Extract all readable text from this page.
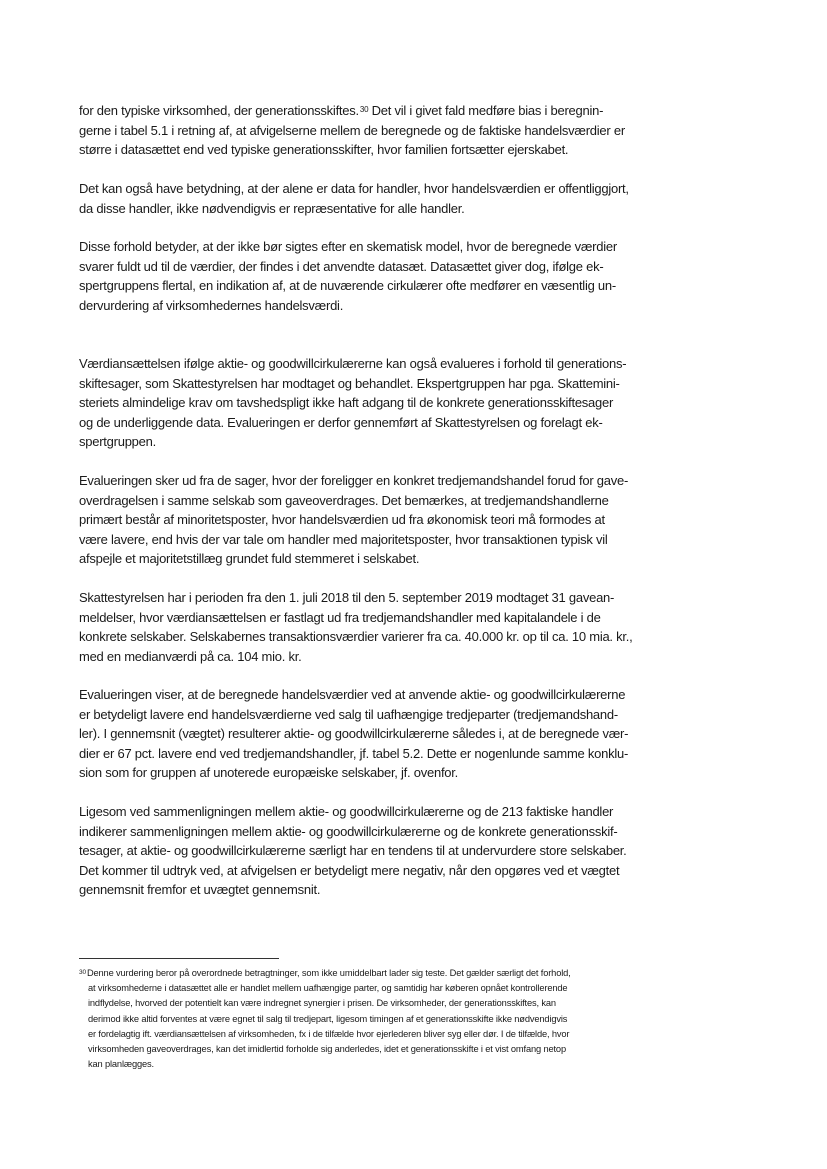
for den typiske virksomhed, der generationsskiftes.$^{30}$ Det vil i givet fald medføre bias i beregnin-
gerne i tabel 5.1 i retning af, at afvigelserne mellem de beregnede og de faktiske handelsværdier er
større i datasættet end ved typiske generationsskifter, hvor familien fortsætter ejerskabet.

Det kan også have betydning, at der alene er data for handler, hvor handelsværdien er offentliggjort,
da disse handler, ikke nødvendigvis er repræsentative for alle handler.

Disse forhold betyder, at der ikke bør sigtes efter en skematisk model, hvor de beregnede værdier
svarer fuldt ud til de værdier, der findes i det anvendte datasæt. Datasættet giver dog, ifølge ek-
spertgruppens flertal, en indikation af, at de nuværende cirkulærer ofte medfører en væsentlig un-
dervurdering af virksomhedernes handelsværdi.

Værdiansættelsen ifølge aktie- og goodwillcirkulærerne kan også evalueres i forhold til generations-
skiftesager, som Skattestyrelsen har modtaget og behandlet. Ekspertgruppen har pga. Skattemini-
steriets almindelige krav om tavshedspligt ikke haft adgang til de konkrete generationsskiftesager
og de underliggende data. Evalueringen er derfor gennemført af Skattestyrelsen og forelagt ek-
spertgruppen.

Evalueringen sker ud fra de sager, hvor der foreligger en konkret tredjemandshandel forud for gave-
overdragelsen i samme selskab som gaveoverdrages. Det bemærkes, at tredjemandshandlerne
primært består af minoritetsposter, hvor handelsværdien ud fra økonomisk teori må formodes at
være lavere, end hvis der var tale om handler med majoritetsposter, hvor transaktionen typisk vil
afspejle et majoritetstillæg grundet fuld stemmeret i selskabet.

Skattestyrelsen har i perioden fra den 1. juli 2018 til den 5. september 2019 modtaget 31 gavean-
meldelser, hvor værdiansættelsen er fastlagt ud fra tredjemandshandler med kapitalandele i de
konkrete selskaber. Selskabernes transaktionsværdier varierer fra ca. 40.000 kr. op til ca. 10 mia. kr.,
med en medianværdi på ca. 104 mio. kr.

Evalueringen viser, at de beregnede handelsværdier ved at anvende aktie- og goodwillcirkulærerne
er betydeligt lavere end handelsværdierne ved salg til uafhængige tredjeparter (tredjemandshand-
ler). I gennemsnit (vægtet) resulterer aktie- og goodwillcirkulærerne således i, at de beregnede vær-
dier er 67 pct. lavere end ved tredjemandshandler, jf. tabel 5.2. Dette er nogenlunde samme konklu-
sion som for gruppen af unoterede europæiske selskaber, jf. ovenfor.

Ligesom ved sammenligningen mellem aktie- og goodwillcirkulærerne og de 213 faktiske handler
indikerer sammenligningen mellem aktie- og goodwillcirkulærerne og de konkrete generationsskif-
tesager, at aktie- og goodwillcirkulærerne særligt har en tendens til at undervurdere store selskaber.
Det kommer til udtryk ved, at afvigelsen er betydeligt mere negativ, når den opgøres ved et vægtet
gennemsnit fremfor et uvægtet gennemsnit.

$^{30}$Denne vurdering beror på overordnede betragtninger, som ikke umiddelbart lader sig teste. Det gælder særligt det forhold,
at virksomhederne i datasættet alle er handlet mellem uafhængige parter, og samtidig har køberen opnået kontrollerende
indflydelse, hvorved der potentielt kan være indregnet synergier i prisen. De virksomheder, der generationsskiftes, kan
derimod ikke altid forventes at være egnet til salg til tredjepart, ligesom timingen af et generationsskifte ikke nødvendigvis
er fordelagtig ift. værdiansættelsen af virksomheden, fx i de tilfælde hvor ejerlederen bliver syg eller dør. I de tilfælde, hvor
virksomheden gaveoverdrages, kan det imidlertid forholde sig anderledes, idet et generationsskifte i et vist omfang netop
kan planlægges.
